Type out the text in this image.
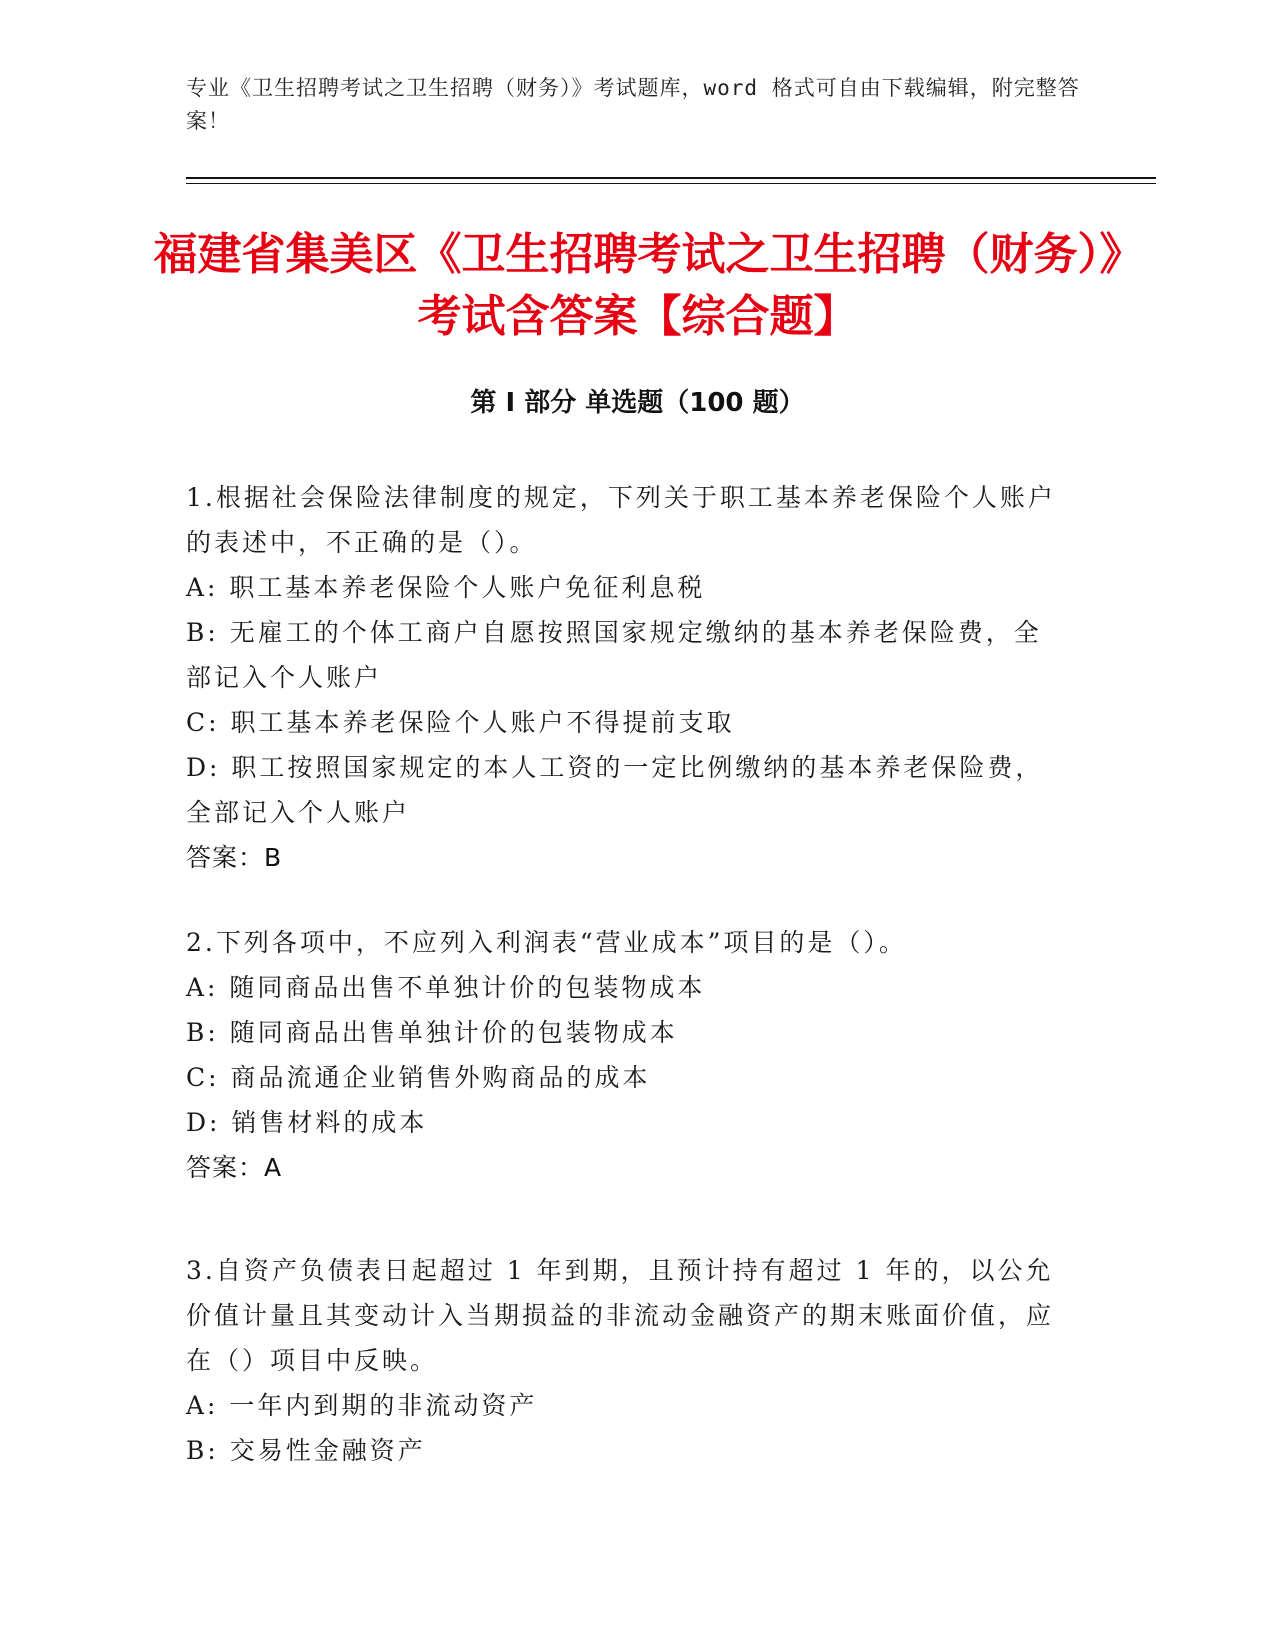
专业《卫生招聘考试之卫生招聘（财务）》考试题库，word 格式可自由下载编辑，附完整答案！
福建省集美区《卫生招聘考试之卫生招聘（财务）》考试含答案【综合题】
第 I 部分 单选题（100 题）

1.根据社会保险法律制度的规定，下列关于职工基本养老保险个人账户的表述中，不正确的是（）。

A: 职工基本养老保险个人账户免征利息税

B: 无雇工的个体工商户自愿按照国家规定缴纳的基本养老保险费，全部记入个人账户

C: 职工基本养老保险个人账户不得提前支取

D: 职工按照国家规定的本人工资的一定比例缴纳的基本养老保险费，全部记入个人账户

答案：B

2.下列各项中，不应列入利润表“营业成本”项目的是（）。

A: 随同商品出售不单独计价的包装物成本

B: 随同商品出售单独计价的包装物成本

C: 商品流通企业销售外购商品的成本

D: 销售材料的成本

答案：A

3.自资产负债表日起超过 1 年到期，且预计持有超过 1 年的，以公允价值计量且其变动计入当期损益的非流动金融资产的期末账面价值，应在（）项目中反映。

A: 一年内到期的非流动资产

B: 交易性金融资产
